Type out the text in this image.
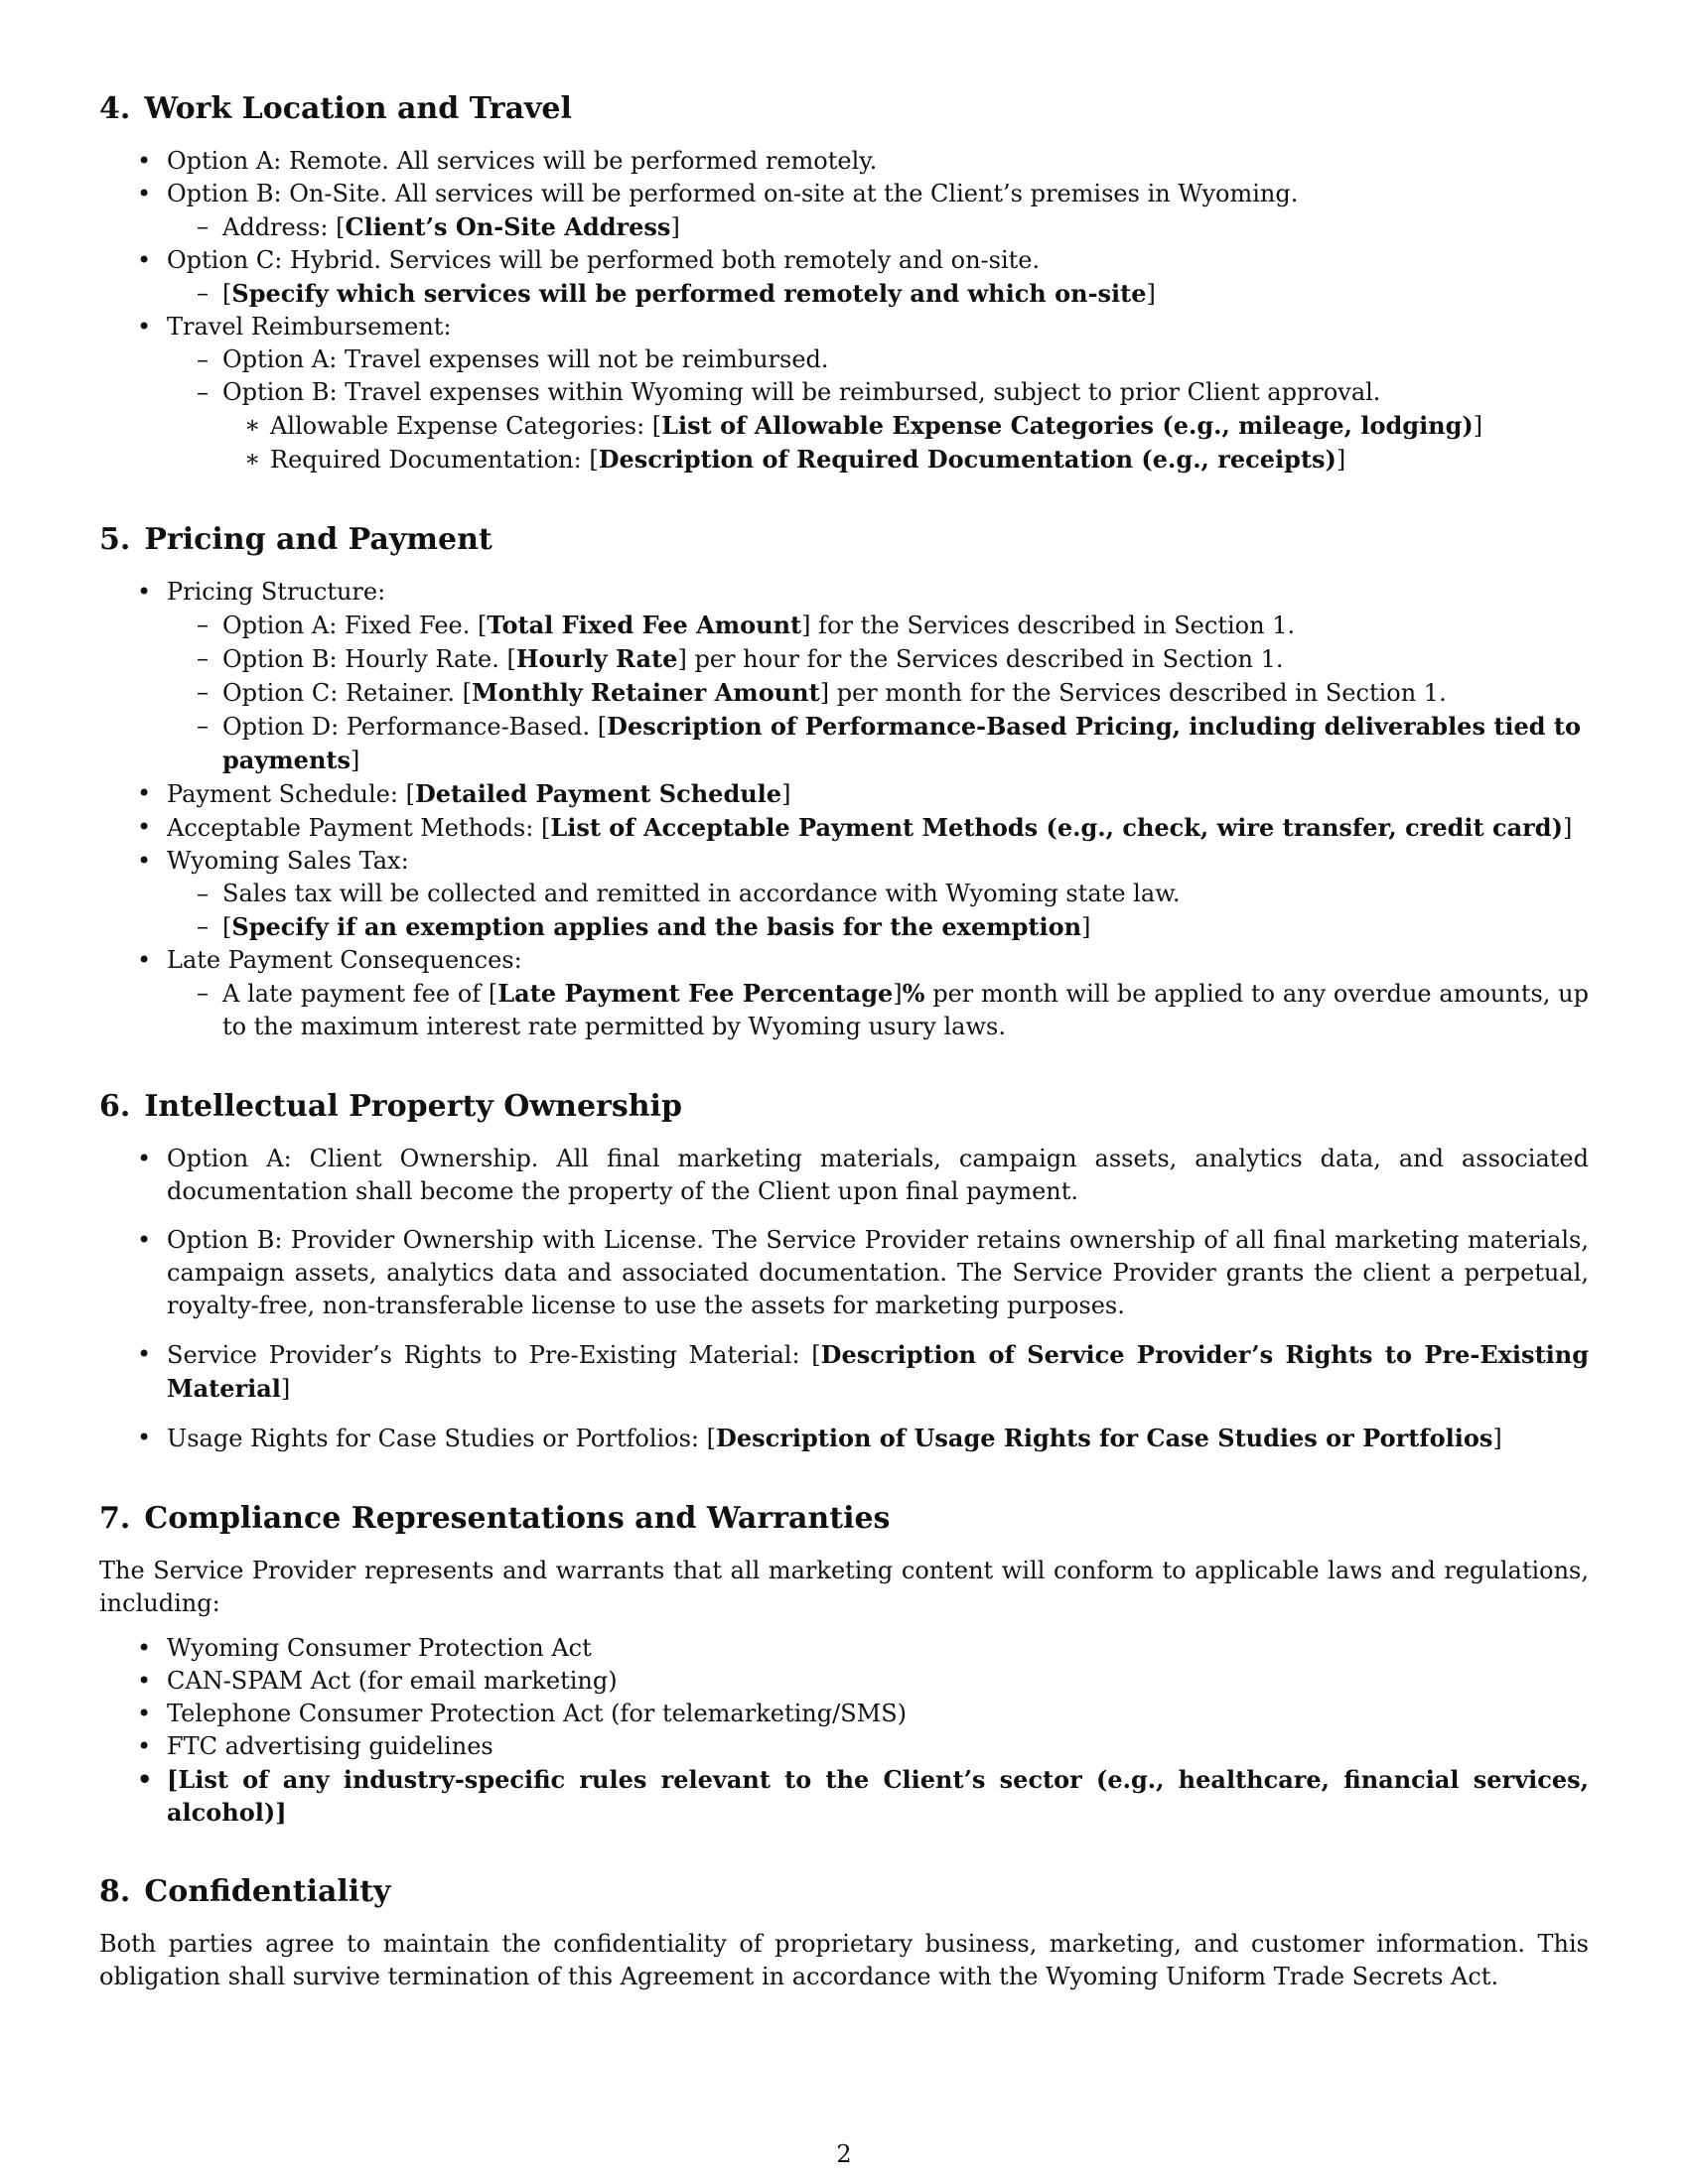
4. Work Location and Travel
• Option A: Remote. All services will be performed remotely.
• Option B: On-Site. All services will be performed on-site at the Client’s premises in Wyoming.
– Address: [Client’s On-Site Address]
• Option C: Hybrid. Services will be performed both remotely and on-site.
– [Specify which services will be performed remotely and which on-site]
• Travel Reimbursement:
– Option A: Travel expenses will not be reimbursed.
– Option B: Travel expenses within Wyoming will be reimbursed, subject to prior Client approval.
∗ Allowable Expense Categories: [List of Allowable Expense Categories (e.g., mileage, lodging)]
∗ Required Documentation: [Description of Required Documentation (e.g., receipts)]
5. Pricing and Payment
• Pricing Structure:
– Option A: Fixed Fee. [Total Fixed Fee Amount] for the Services described in Section 1.
– Option B: Hourly Rate. [Hourly Rate] per hour for the Services described in Section 1.
– Option C: Retainer. [Monthly Retainer Amount] per month for the Services described in Section 1.
– Option D: Performance-Based. [Description of Performance-Based Pricing, including deliverables tied to payments]
• Payment Schedule: [Detailed Payment Schedule]
• Acceptable Payment Methods: [List of Acceptable Payment Methods (e.g., check, wire transfer, credit card)]
• Wyoming Sales Tax:
– Sales tax will be collected and remitted in accordance with Wyoming state law.
– [Specify if an exemption applies and the basis for the exemption]
• Late Payment Consequences:
– A late payment fee of [Late Payment Fee Percentage]% per month will be applied to any overdue amounts, up to the maximum interest rate permitted by Wyoming usury laws.
6. Intellectual Property Ownership
• Option A: Client Ownership. All final marketing materials, campaign assets, analytics data, and associated documentation shall become the property of the Client upon final payment.
• Option B: Provider Ownership with License. The Service Provider retains ownership of all final marketing materials, campaign assets, analytics data and associated documentation. The Service Provider grants the client a perpetual, royalty-free, non-transferable license to use the assets for marketing purposes.
• Service Provider’s Rights to Pre-Existing Material: [Description of Service Provider’s Rights to Pre-Existing Material]
• Usage Rights for Case Studies or Portfolios: [Description of Usage Rights for Case Studies or Portfolios]
7. Compliance Representations and Warranties

The Service Provider represents and warrants that all marketing content will conform to applicable laws and regulations, including:

• Wyoming Consumer Protection Act
• CAN-SPAM Act (for email marketing)
• Telephone Consumer Protection Act (for telemarketing/SMS)
• FTC advertising guidelines
• [List of any industry-specific rules relevant to the Client’s sector (e.g., healthcare, financial services, alcohol)]
8. Confidentiality

Both parties agree to maintain the confidentiality of proprietary business, marketing, and customer information. This obligation shall survive termination of this Agreement in accordance with the Wyoming Uniform Trade Secrets Act.

2
